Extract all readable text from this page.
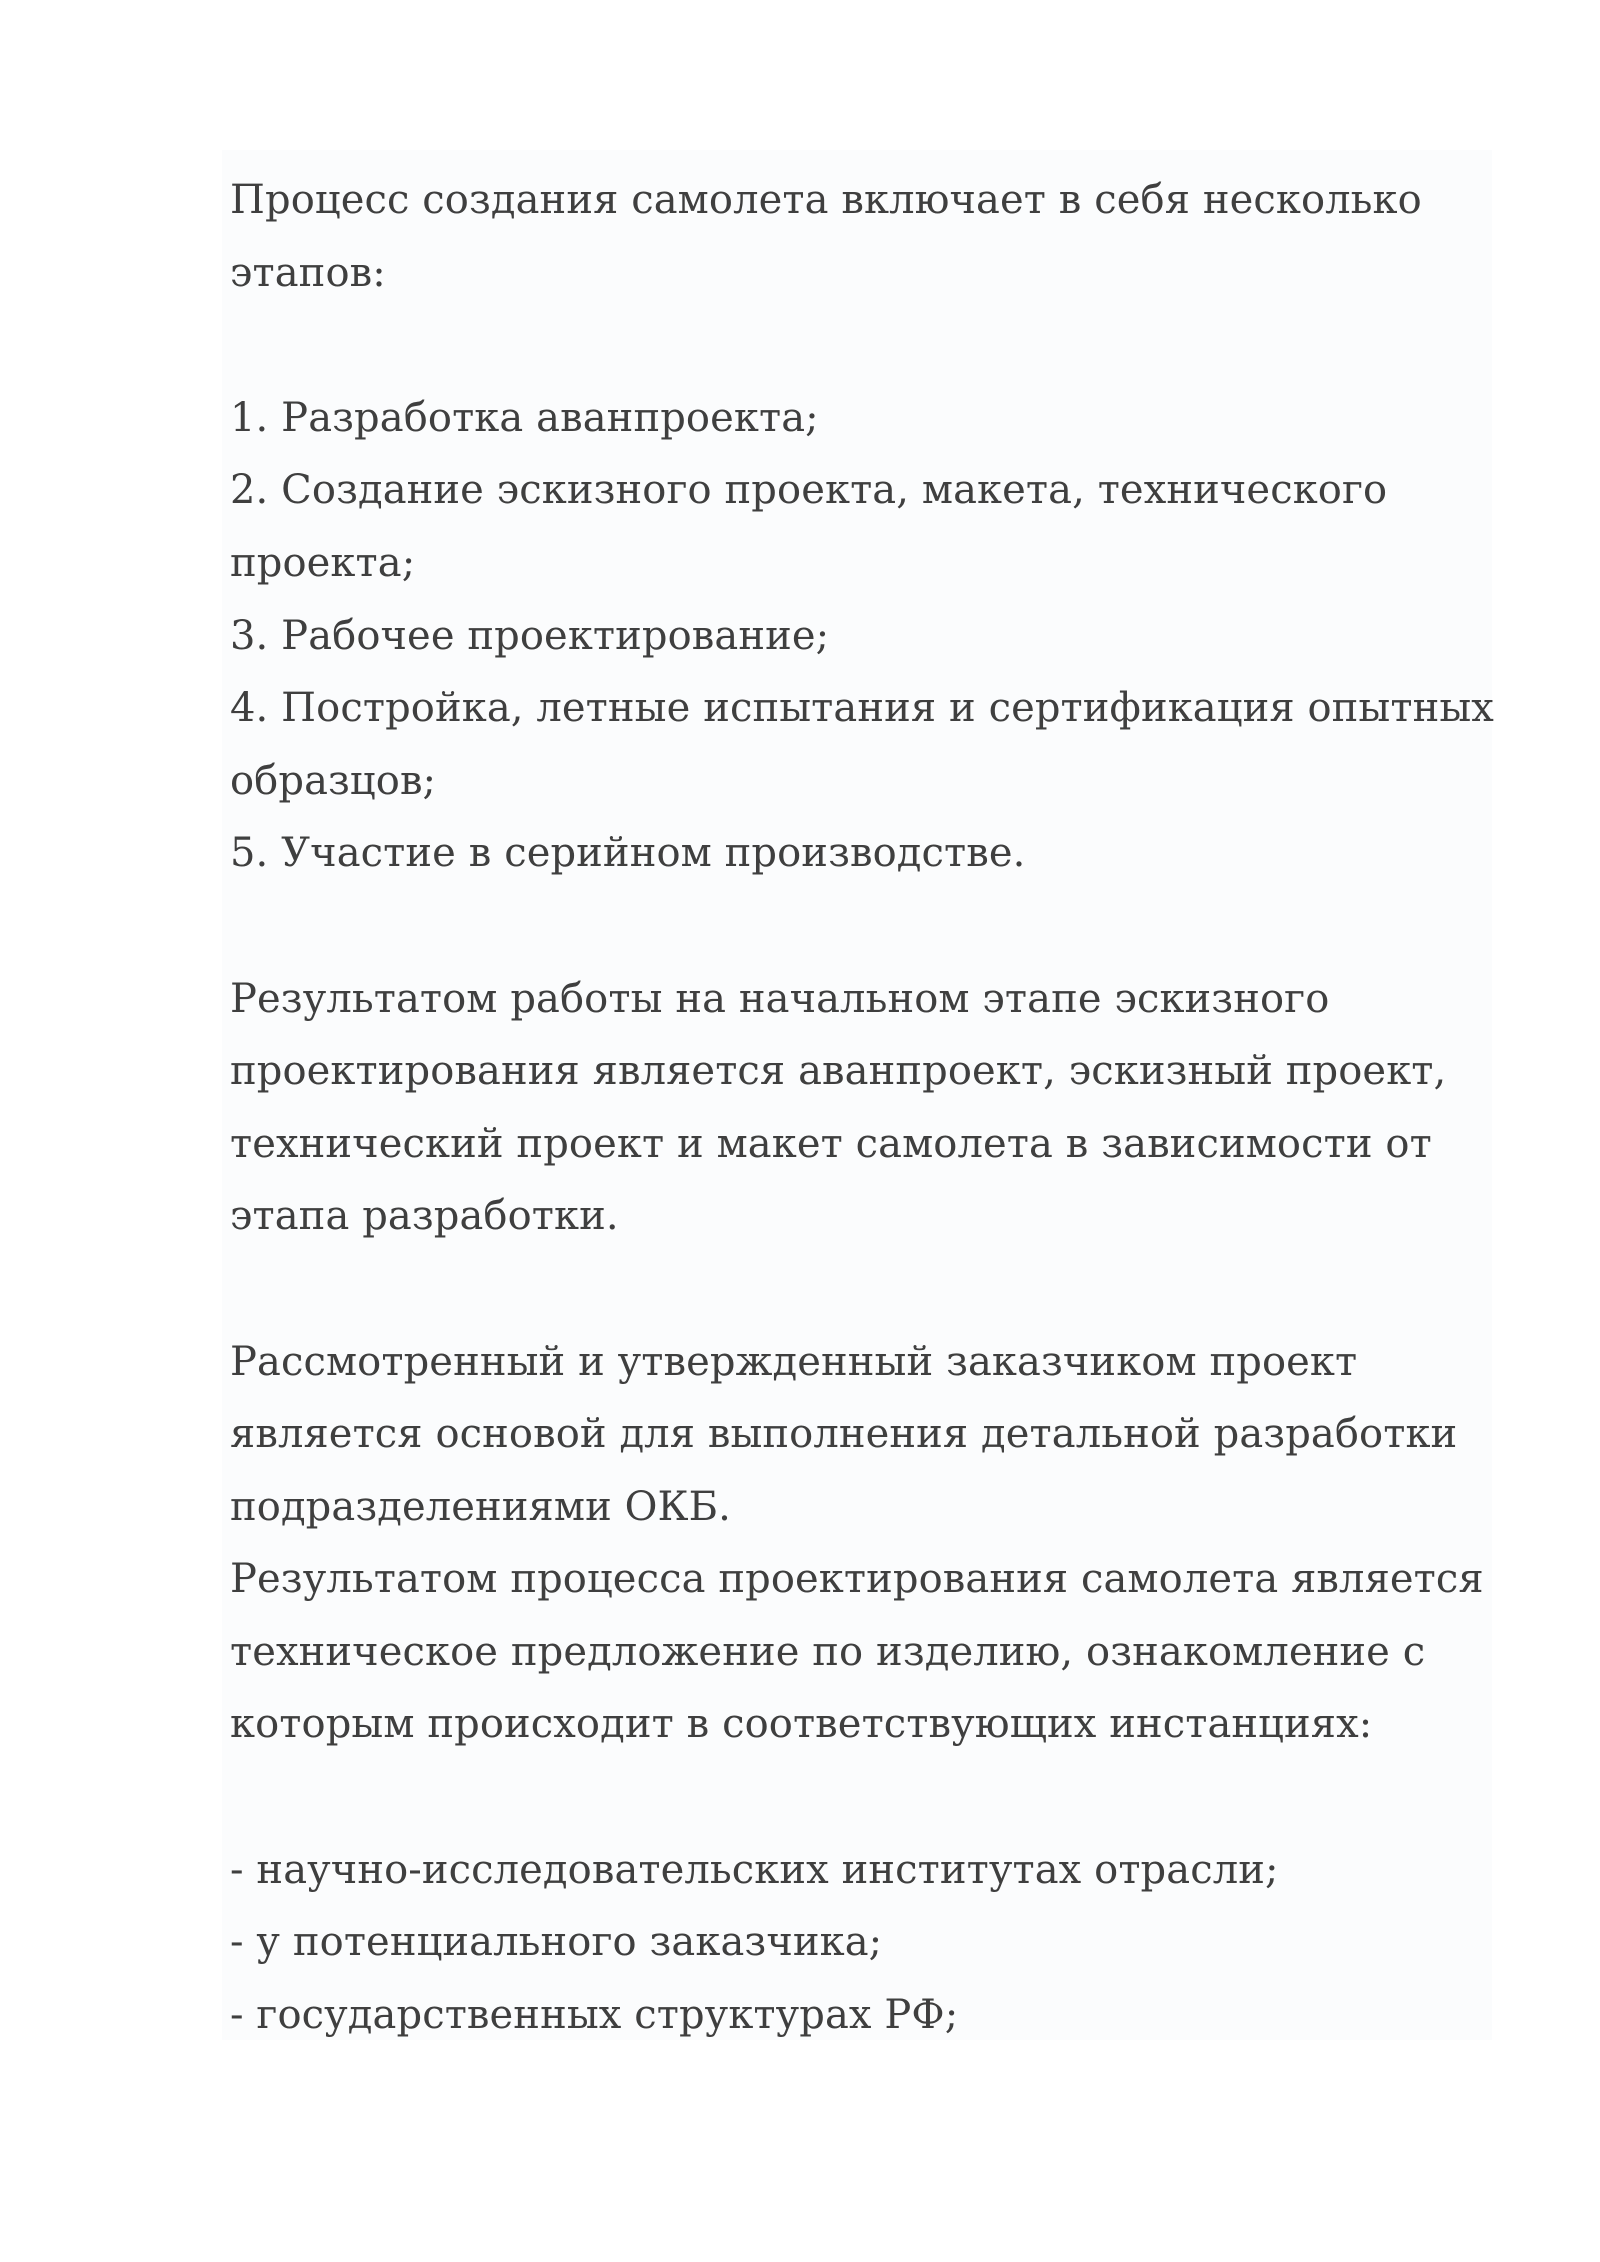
Процесс создания самолета включает в себя несколько
этапов:
1. Разработка аванпроекта;
2. Создание эскизного проекта, макета, технического
проекта;
3. Рабочее проектирование;
4. Постройка, летные испытания и сертификация опытных
образцов;
5. Участие в серийном производстве.
Результатом работы на начальном этапе эскизного
проектирования является аванпроект, эскизный проект,
технический проект и макет самолета в зависимости от
этапа разработки.
Рассмотренный и утвержденный заказчиком проект
является основой для выполнения детальной разработки
подразделениями ОКБ.
Результатом процесса проектирования самолета является
техническое предложение по изделию, ознакомление с
которым происходит в соответствующих инстанциях:
- научно-исследовательских институтах отрасли;
- у потенциального заказчика;
- государственных структурах РФ;
